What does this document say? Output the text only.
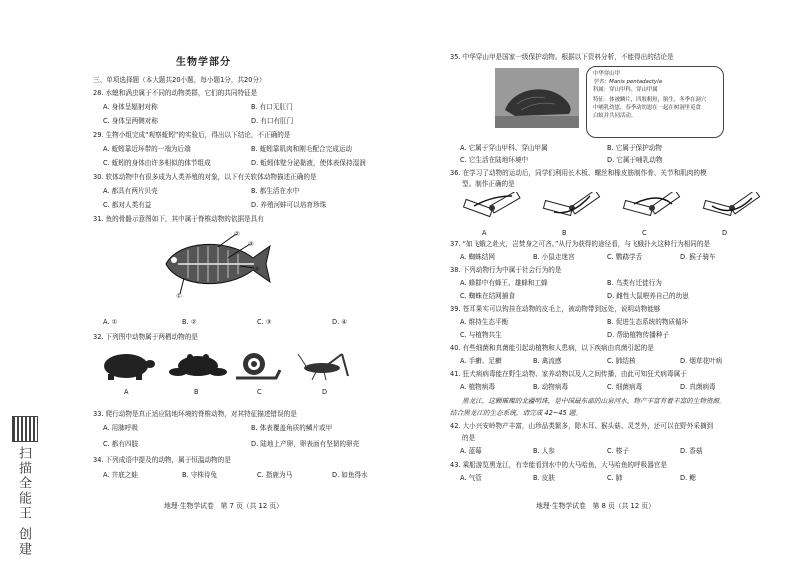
生物学部分
三、单项选择题（本大题共20小题，每小题1分，共20分）
28. 水螅和涡虫属于不同的动物类群，它们的共同特征是
A. 身体呈辐射对称	B. 有口无肛门
C. 身体呈两侧对称	D. 有口有肛门
29. 生物小组完成“观察蚯蚓”的实验后，得出以下结论，不正确的是
A. 蚯蚓靠近环带的一端为后端	B. 蚯蚓靠肌肉和刚毛配合完成运动
C. 蚯蚓的身体由许多相似的体节组成	D. 蚯蚓体壁分泌黏液，使体表保持湿润
30. 软体动物中有很多成为人类养殖的对象，以下有关软体动物描述正确的是
A. 都具有两片贝壳	B. 都生活在水中
C. 都对人类有益	D. 养殖河蚌可以培育珍珠
31. 鱼的骨骼示意图如下，其中属于脊椎动物的依据是具有
①
②
③
④
A. ①	B. ②	C. ③	D. ④
32. 下列图中动物属于两栖动物的是
A	B	C	D
33. 爬行动物是真正适应陆地环境的脊椎动物，对其特征描述错误的是
A. 用肺呼吸	B. 体表覆盖角质的鳞片或甲
C. 都有四肢	D. 陆地上产卵，卵表面有坚韧的卵壳
34. 下列成语中提及的动物，属于恒温动物的是
A. 井底之蛙	B. 守株待兔	C. 指鹿为马	D. 如鱼得水
地理·生物学试卷　第 7 页（共 12 页）
扫描全能王 创建
35. 中华穿山甲是国家一级保护动物。根据以下资料分析，不能得出的结论是
中华穿山甲
学名：Manis pentadactyla
科属：穿山甲科、穿山甲属
特征：体被鳞片，四肢粗短，胎生，冬季在洞穴
中哺乳幼崽，春季动幼崽在一起在树洞里觅食
白蚁并共同活动。
A. 它属于穿山甲科、穿山甲属	B. 它属于保护动物
C. 它生活在陆地环境中	D. 它属于哺乳动物
36. 在学习了动物的运动后，同学们利用长木板、螺丝和橡皮筋制作骨、关节和肌肉的模
型。制作正确的是
A	B	C	D
37. “如飞蛾之赴火，岂焚身之可吝。”从行为获得的途径看，与飞蛾扑火这种行为相同的是
A. 蜘蛛结网	B. 小鼠走迷宫	C. 鹦鹉学舌	D. 猴子骑车
38. 下列动物行为中属于社会行为的是
A. 蜂群中有蜂王、雄蜂和工蜂	B. 鸟类有迁徙行为
C. 蜘蛛在结网捕食	D. 雌性大鼠喂养自己的幼崽
39. 苍耳果实可以钩挂在动物的皮毛上，被动物带到远处，说明动物能够
A. 维持生态平衡	B. 促进生态系统的物质循环
C. 与植物共生	D. 帮助植物传播种子
40. 有些细菌和真菌能引起动植物和人患病，以下疾病由真菌引起的是
A. 手癣、足癣	B. 禽流感	C. 肺结核	D. 烟草花叶病
41. 狂犬病病毒能在野生动物、家养动物以及人之间传播，由此可知狂犬病毒属于
A. 植物病毒	B. 动物病毒	C. 细菌病毒	D. 真菌病毒
黑龙江，这颗璀璨的北疆明珠，是中国最东部的山泉河水，物产丰富有着丰富的生物资源。
结合黑龙江的生态系统，请完成 42~45 题。
42. 大小兴安岭物产丰富，山珍品类繁多，除木耳、猴头菇、灵芝外，还可以在野外采摘到
的是
A. 蓝莓	B. 人参	C. 榛子	D. 香菇
43. 乘船游览黑龙江，有幸能看到水中的大马哈鱼，大马哈鱼的呼吸器官是
A. 气管	B. 皮肤	C. 肺	D. 鳃
地理·生物学试卷　第 8 页（共 12 页）
